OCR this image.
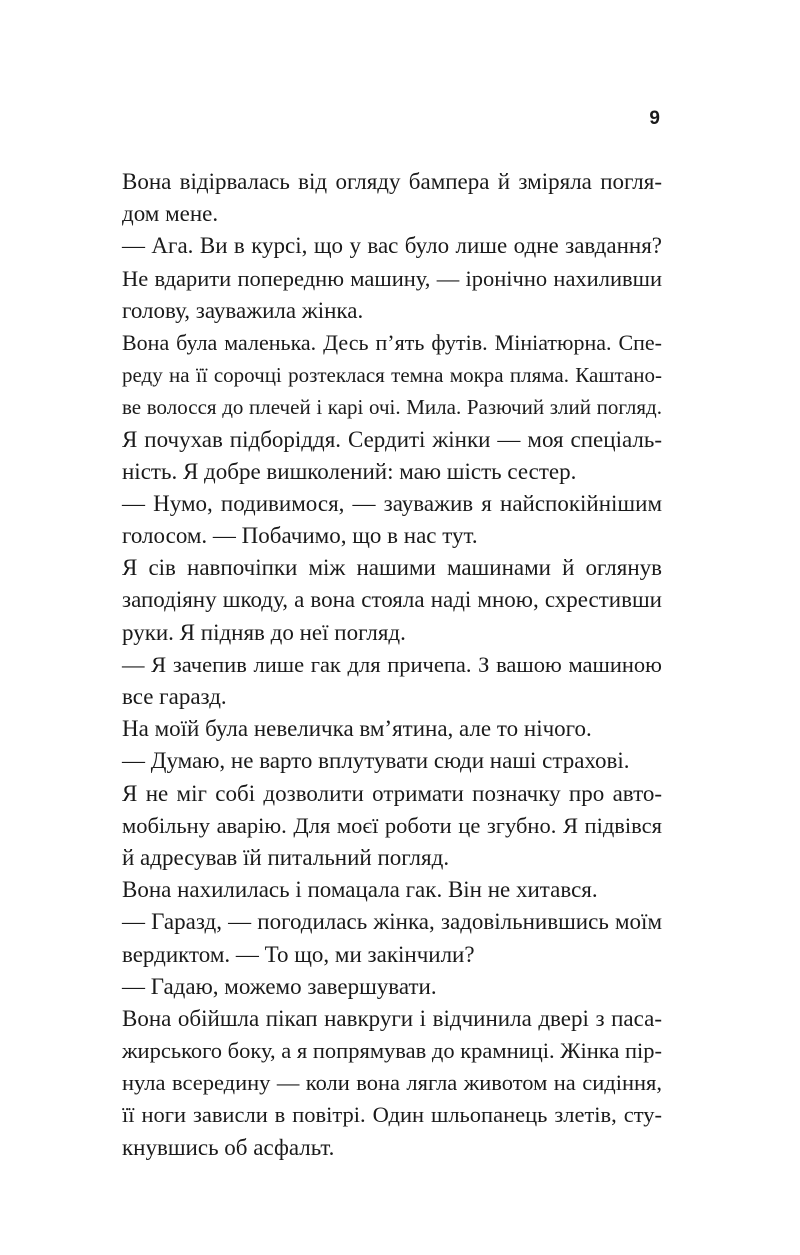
9
Вона відірвалась від огляду бампера й зміряла погля-
дом мене.
— Ага. Ви в курсі, що у вас було лише одне завдання?
Не вдарити попередню машину, — іронічно нахиливши
голову, зауважила жінка.
Вона була маленька. Десь п’ять футів. Мініатюрна. Спе-
реду на її сорочці розтеклася темна мокра пляма. Каштано-
ве волосся до плечей і карі очі. Мила. Разючий злий погляд.
Я почухав підборіддя. Сердиті жінки — моя спеціаль-
ність. Я добре вишколений: маю шість сестер.
— Нумо, подивимося, — зауважив я найспокійнішим
голосом. — Побачимо, що в нас тут.
Я сів навпочіпки між нашими машинами й оглянув
заподіяну шкоду, а вона стояла наді мною, схрестивши
руки. Я підняв до неї погляд.
— Я зачепив лише гак для причепа. З вашою машиною
все гаразд.
На моїй була невеличка вм’ятина, але то нічого.
— Думаю, не варто вплутувати сюди наші страхові.
Я не міг собі дозволити отримати позначку про авто-
мобільну аварію. Для моєї роботи це згубно. Я підвівся
й адресував їй питальний погляд.
Вона нахилилась і помацала гак. Він не хитався.
— Гаразд, — погодилась жінка, задовільнившись моїм
вердиктом. — То що, ми закінчили?
— Гадаю, можемо завершувати.
Вона обійшла пікап навкруги і відчинила двері з паса-
жирського боку, а я попрямував до крамниці. Жінка пір-
нула всередину — коли вона лягла животом на сидіння,
її ноги зависли в повітрі. Один шльопанець злетів, сту-
кнувшись об асфальт.
